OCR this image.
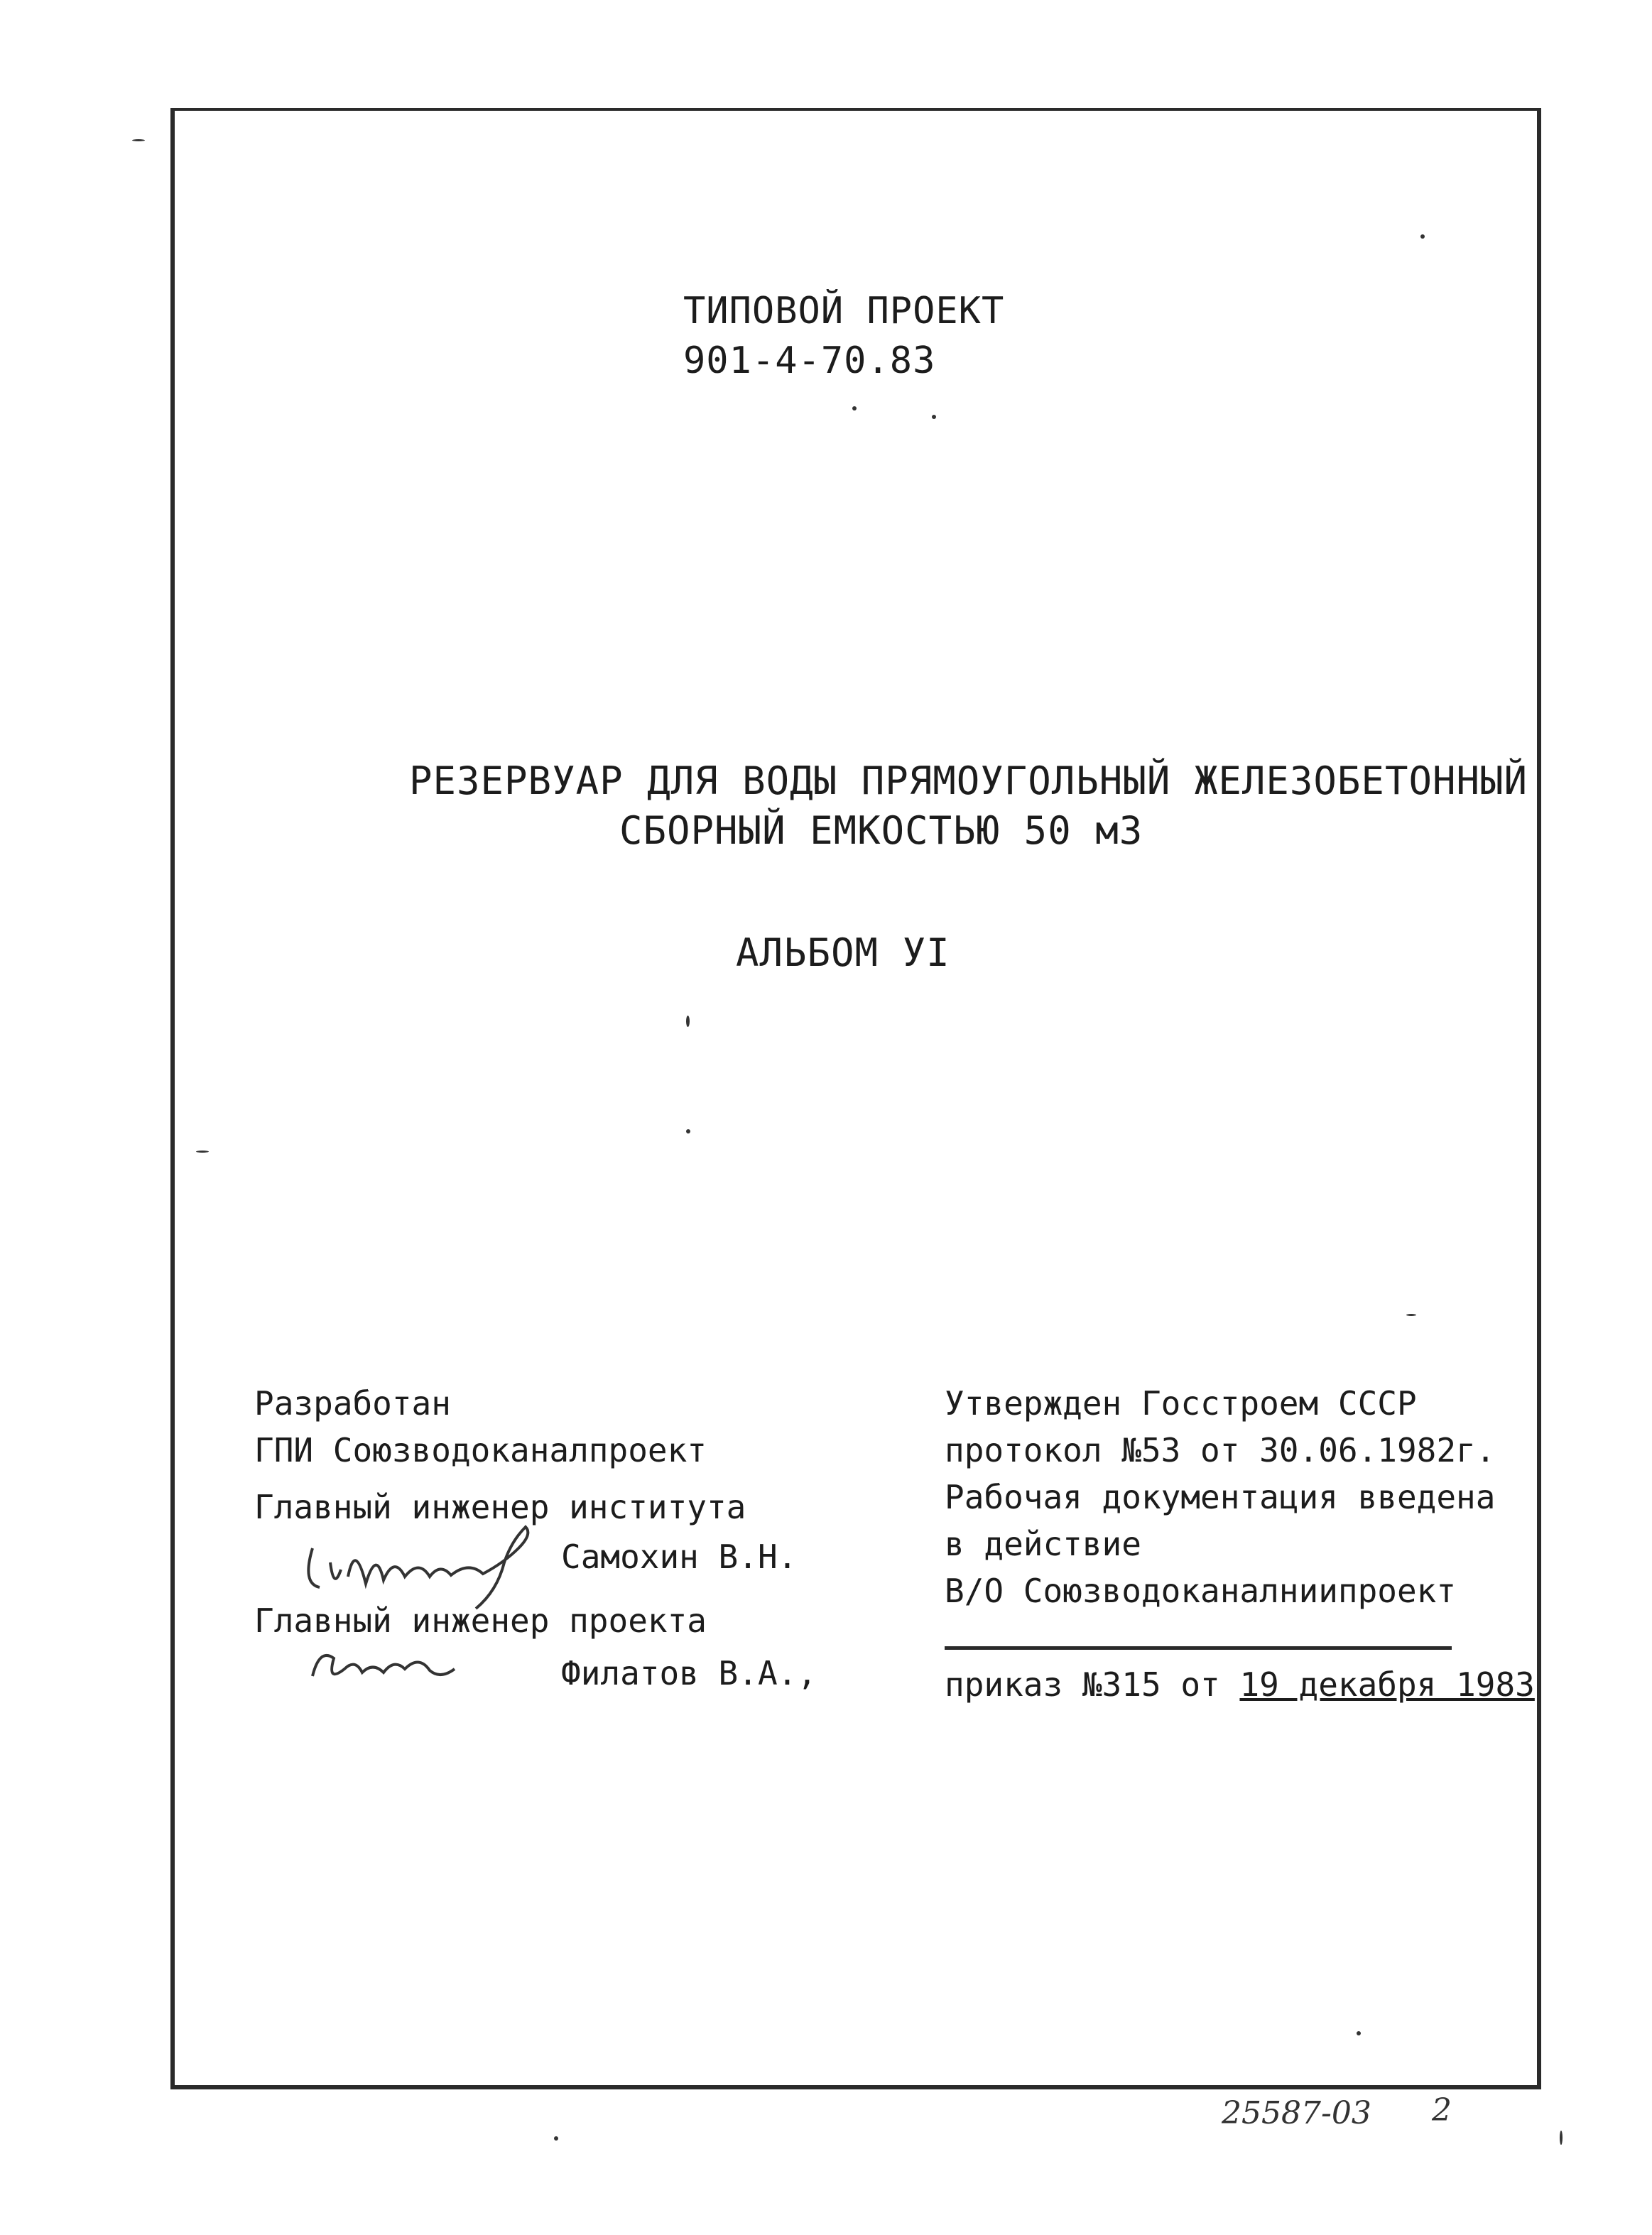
ТИПОВОЙ ПРОЕКТ
901-4-70.83
РЕЗЕРВУАР ДЛЯ ВОДЫ ПРЯМОУГОЛЬНЫЙ ЖЕЛЕЗОБЕТОННЫЙ
СБОРНЫЙ ЕМКОСТЬЮ 50 м3
АЛЬБОМ УI
Разработан
ГПИ Союзводоканалпроект
Главный инженер института
Самохин В.Н.
Главный инженер проекта
Филатов В.А.,
Утвержден Госстроем СССР
протокол №53 от 30.06.1982г.
Рабочая документация введена
в действие
В/О Союзводоканалниипроект
приказ №315 от 19 декабря 1983
25587-03 2
